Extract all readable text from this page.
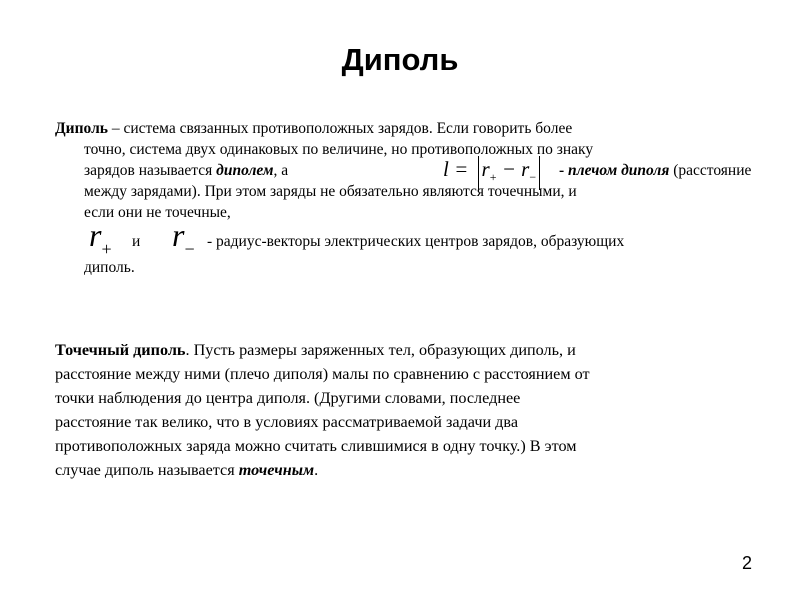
Диполь
Диполь – система связанных противоположных зарядов. Если говорить более
точно, система двух одинаковых по величине, но противоположных по знаку
зарядов называется диполем, а	$l = r_+ - r_-$ - плечом диполя (расстояние
между зарядами). При этом заряды не обязательно являются точечными, и
если они не точечные,
$r_+$ и $r_-$ - радиус-векторы электрических центров зарядов, образующих
диполь.
Точечный диполь. Пусть размеры заряженных тел, образующих диполь, и
расстояние между ними (плечо диполя) малы по сравнению с расстоянием от
точки наблюдения до центра диполя. (Другими словами, последнее
расстояние так велико, что в условиях рассматриваемой задачи два
противоположных заряда можно считать слившимися в одну точку.) В этом
случае диполь называется точечным.
2
